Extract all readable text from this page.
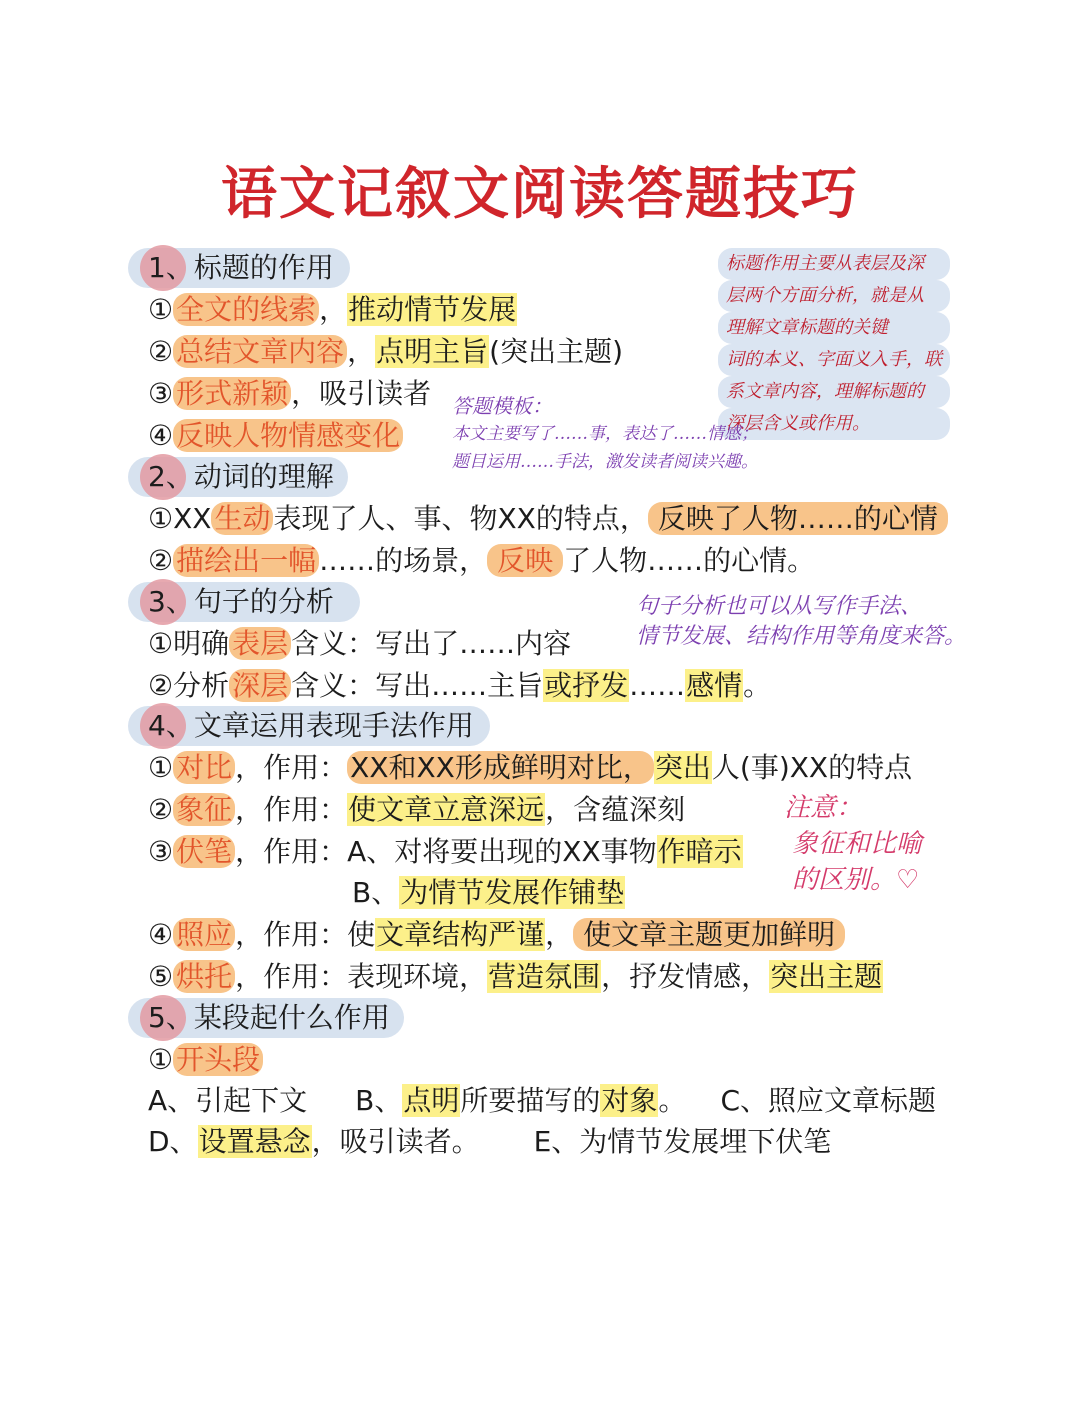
语文记叙文阅读答题技巧
1、标题的作用
① 全文的线索 ，推动情节发展
② 总结文章内容 ，点明主旨(突出主题)
③ 形式新颖 ，吸引读者
④ 反映人物情感变化
标题作用主要从表层及深
层两个方面分析，就是从
理解文章标题的关键
词的本义、字面义入手，联
系文章内容，理解标题的
深层含义或作用。
答题模板：
本文主要写了……事，表达了……情感；
题目运用……手法，激发读者阅读兴趣。
2、动词的理解
①XX 生动 表现了人、事、物XX的特点， 反映了人物……的心情
② 描绘出一幅 ……的场景， 反映 了人物……的心情。
3、句子的分析
①明确 表层 含义：写出了……内容
②分析 深层 含义：写出……主旨或抒发……感情。
句子分析也可以从写作手法、
情节发展、结构作用等角度来答。
4、文章运用表现手法作用
① 对比 ，作用： XX和XX形成鲜明对比， 突出人(事)XX的特点
② 象征 ，作用：使文章立意深远，含蕴深刻
③ 伏笔 ，作用：A、对将要出现的XX事物作暗示
B、为情节发展作铺垫
④ 照应 ，作用：使文章结构严谨， 使文章主题更加鲜明
⑤ 烘托 ，作用：表现环境，营造氛围，抒发情感，突出主题
注意：
象征和比喻
的区别。♡
5、某段起什么作用
① 开头段
A、引起下文 B、点明所要描写的对象。 C、照应文章标题
D、设置悬念，吸引读者。 E、为情节发展埋下伏笔
